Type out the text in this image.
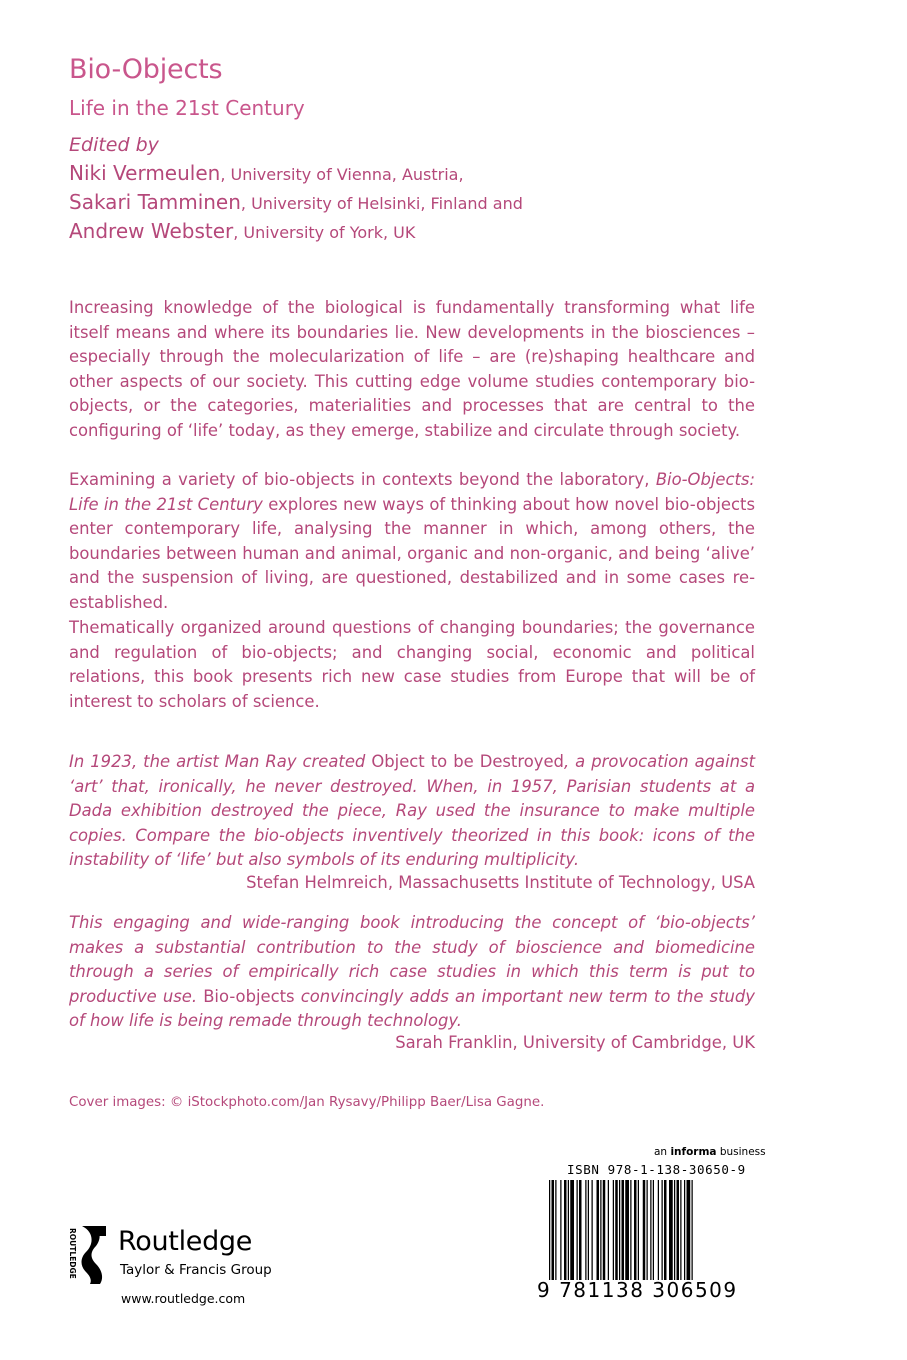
Bio-Objects
Life in the 21st Century
Edited by
Niki Vermeulen, University of Vienna, Austria,
Sakari Tamminen, University of Helsinki, Finland and
Andrew Webster, University of York, UK
Increasing knowledge of the biological is fundamentally transforming what life itself means and where its boundaries lie. New developments in the biosciences – especially through the molecularization of life – are (re)shaping healthcare and other aspects of our society. This cutting edge volume studies contemporary bio-objects, or the categories, materialities and processes that are central to the configuring of ‘life’ today, as they emerge, stabilize and circulate through society.
Examining a variety of bio-objects in contexts beyond the laboratory, Bio-Objects: Life in the 21st Century explores new ways of thinking about how novel bio-objects enter contemporary life, analysing the manner in which, among others, the boundaries between human and animal, organic and non-organic, and being ‘alive’ and the suspension of living, are questioned, destabilized and in some cases re-established.
Thematically organized around questions of changing boundaries; the governance and regulation of bio-objects; and changing social, economic and political relations, this book presents rich new case studies from Europe that will be of interest to scholars of science.
In 1923, the artist Man Ray created Object to be Destroyed, a provocation against ‘art’ that, ironically, he never destroyed. When, in 1957, Parisian students at a Dada exhibition destroyed the piece, Ray used the insurance to make multiple copies. Compare the bio-objects inventively theorized in this book: icons of the instability of ‘life’ but also symbols of its enduring multiplicity.
Stefan Helmreich, Massachusetts Institute of Technology, USA
This engaging and wide-ranging book introducing the concept of ‘bio-objects’ makes a substantial contribution to the study of bioscience and biomedicine through a series of empirically rich case studies in which this term is put to productive use. Bio-objects convincingly adds an important new term to the study of how life is being remade through technology.
Sarah Franklin, University of Cambridge, UK
Cover images: © iStockphoto.com/Jan Rysavy/Philipp Baer/Lisa Gagne.
an informa business
ISBN 978-1-138-30650-9
9 781138 306509
ROUTLEDGE Routledge
Taylor & Francis Group
www.routledge.com
